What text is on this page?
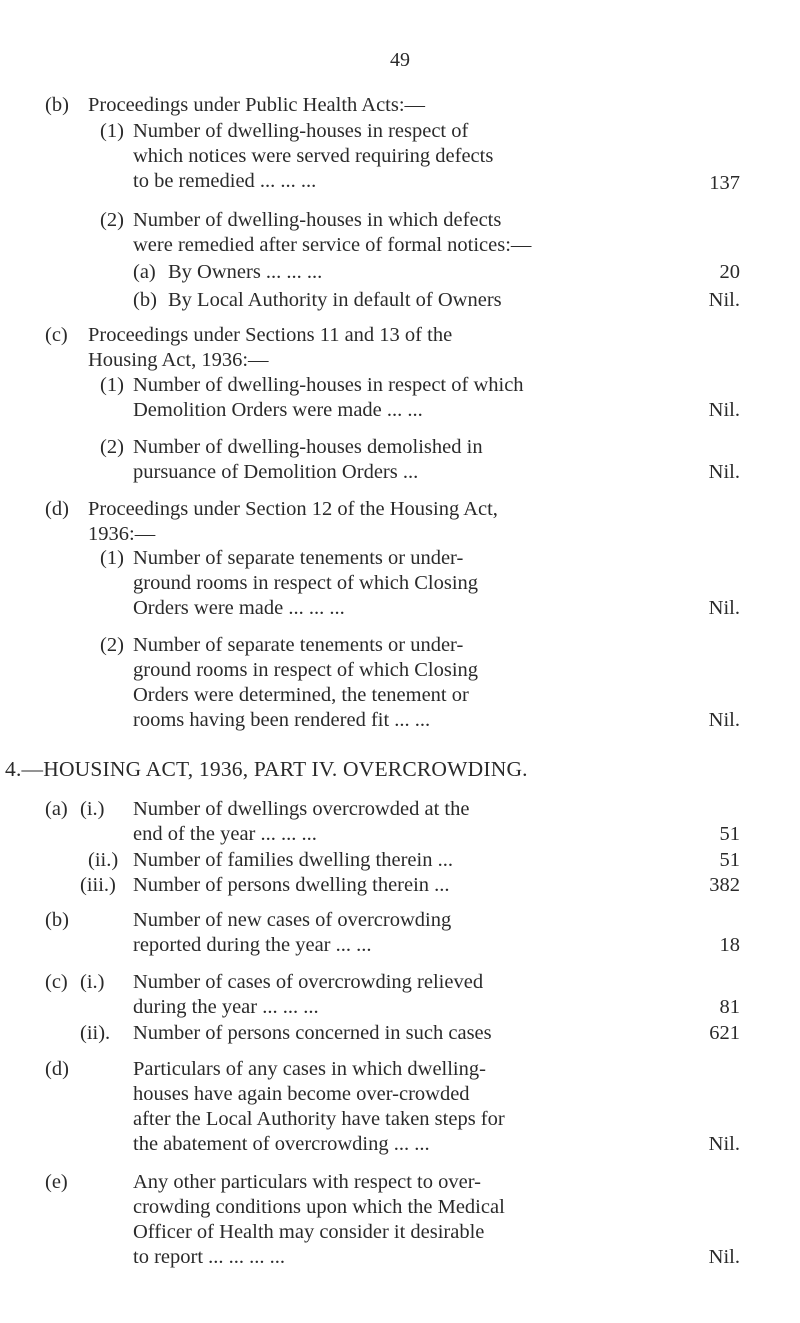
49
(b) Proceedings under Public Health Acts:—
(1) Number of dwelling-houses in respect of
which notices were served requiring defects
to be remedied ... ... ...	137
(2) Number of dwelling-houses in which defects
were remedied after service of formal notices:—
(a) By Owners ... ... ...	20
(b) By Local Authority in default of Owners	Nil.
(c) Proceedings under Sections 11 and 13 of the
Housing Act, 1936:—
(1) Number of dwelling-houses in respect of which
Demolition Orders were made ... ...	Nil.
(2) Number of dwelling-houses demolished in
pursuance of Demolition Orders ...	Nil.
(d) Proceedings under Section 12 of the Housing Act,
1936:—
(1) Number of separate tenements or under-
ground rooms in respect of which Closing
Orders were made ... ... ...	Nil.
(2) Number of separate tenements or under-
ground rooms in respect of which Closing
Orders were determined, the tenement or
rooms having been rendered fit ... ...	Nil.
4.—HOUSING ACT, 1936, PART IV. OVERCROWDING.
(a) (i.) Number of dwellings overcrowded at the
end of the year ... ... ...	51
(ii.) Number of families dwelling therein ...	51
(iii.) Number of persons dwelling therein ...	382
(b)	Number of new cases of overcrowding
reported during the year ... ...	18
(c) (i.) Number of cases of overcrowding relieved
during the year ... ... ...	81
(ii). Number of persons concerned in such cases	621
(d)	Particulars of any cases in which dwelling-
houses have again become over-crowded
after the Local Authority have taken steps for
the abatement of overcrowding ... ...	Nil.
(e)	Any other particulars with respect to over-
crowding conditions upon which the Medical
Officer of Health may consider it desirable
to report ... ... ... ...	Nil.
